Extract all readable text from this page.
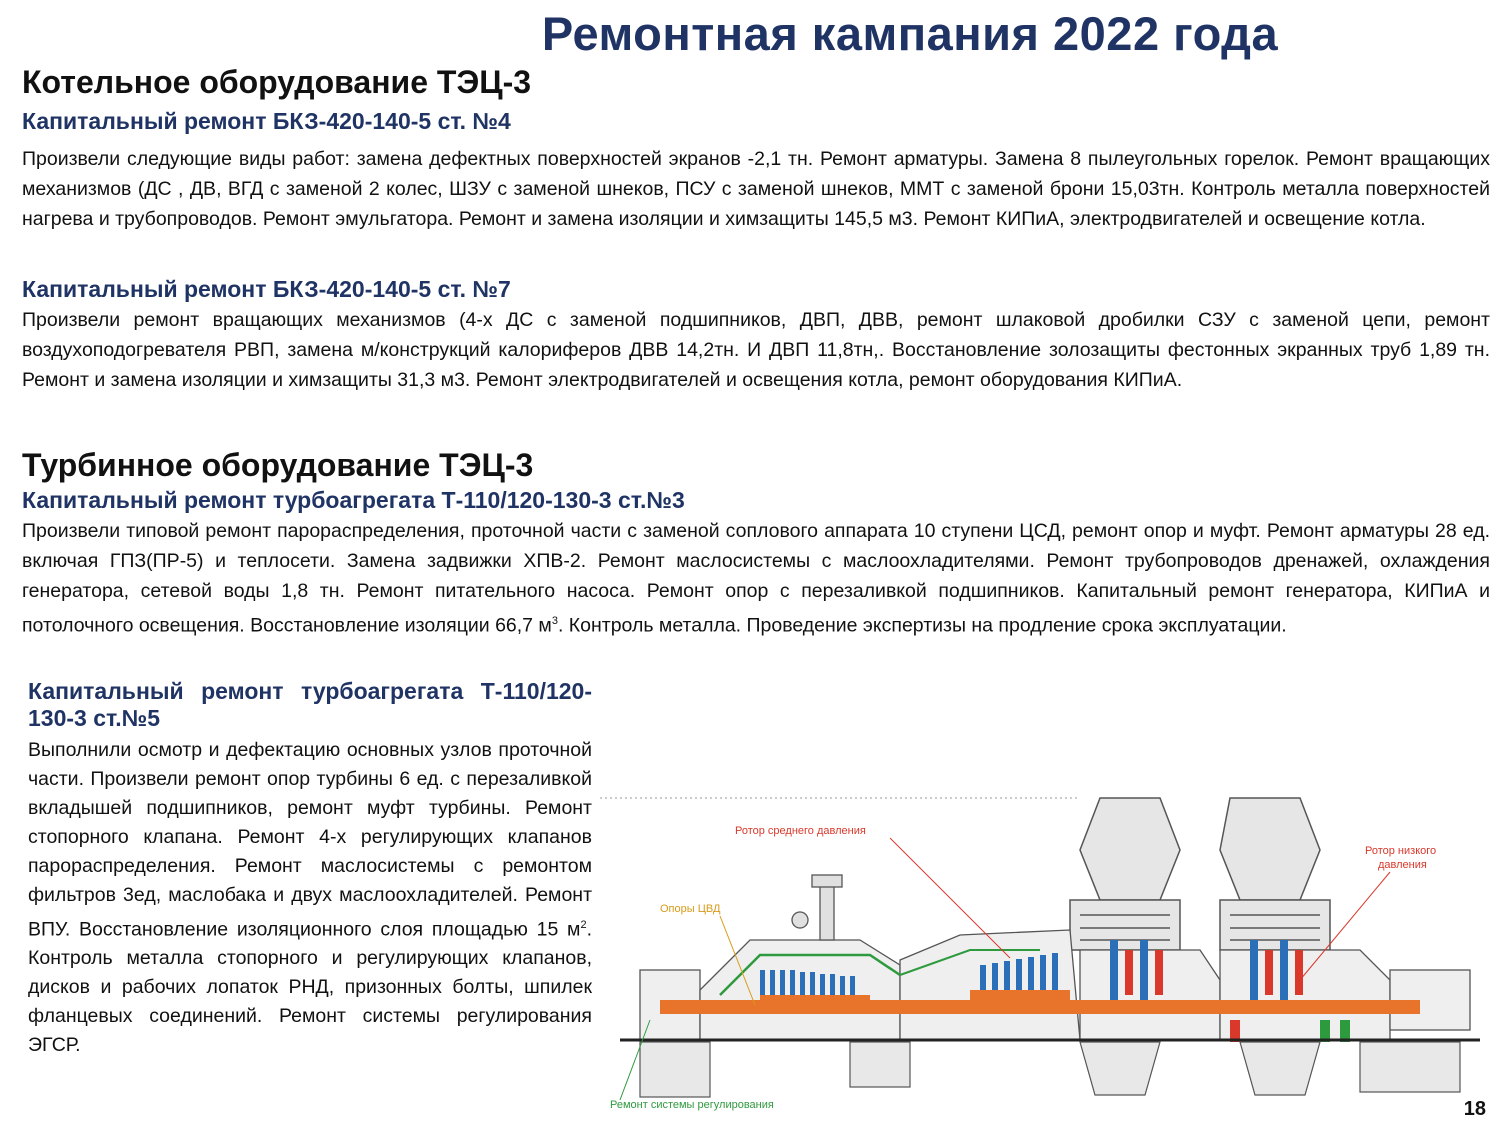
Ремонтная кампания 2022 года
Котельное оборудование ТЭЦ-3
Капитальный ремонт БКЗ-420-140-5 ст. №4
Произвели следующие виды работ: замена дефектных поверхностей экранов -2,1 тн. Ремонт арматуры. Замена 8 пылеугольных горелок. Ремонт вращающих механизмов (ДС , ДВ, ВГД с заменой 2 колес, ШЗУ с заменой шнеков, ПСУ с заменой шнеков, ММТ с заменой брони 15,03тн. Контроль металла поверхностей нагрева и трубопроводов. Ремонт эмульгатора. Ремонт и замена изоляции и химзащиты 145,5 м3. Ремонт КИПиА, электродвигателей и освещение котла.
Капитальный ремонт БКЗ-420-140-5 ст. №7
Произвели ремонт вращающих механизмов (4-х ДС с заменой подшипников, ДВП, ДВВ, ремонт шлаковой дробилки СЗУ с заменой цепи, ремонт воздухоподогревателя РВП, замена м/конструкций калориферов ДВВ 14,2тн. И ДВП 11,8тн,. Восстановление золозащиты фестонных экранных труб 1,89 тн. Ремонт и замена изоляции и химзащиты 31,3 м3. Ремонт электродвигателей и освещения котла, ремонт оборудования КИПиА.
Турбинное оборудование ТЭЦ-3
Капитальный ремонт турбоагрегата Т-110/120-130-3 ст.№3
Произвели типовой ремонт парораспределения, проточной части с заменой соплового аппарата 10 ступени ЦСД, ремонт опор и муфт. Ремонт арматуры 28 ед. включая ГПЗ(ПР-5) и теплосети. Замена задвижки ХПВ-2. Ремонт маслосистемы с маслоохладителями. Ремонт трубопроводов дренажей, охлаждения генератора, сетевой воды 1,8 тн. Ремонт питательного насоса. Ремонт опор с перезаливкой подшипников. Капитальный ремонт генератора, КИПиА и потолочного освещения. Восстановление изоляции 66,7 $м^3$. Контроль металла. Проведение экспертизы на продление срока эксплуатации.
Капитальный ремонт турбоагрегата Т-110/120-130-3 ст.№5
Выполнили осмотр и дефектацию основных узлов проточной части. Произвели ремонт опор турбины 6 ед. с перезаливкой вкладышей подшипников, ремонт муфт турбины. Ремонт стопорного клапана. Ремонт 4-х регулирующих клапанов парораспределения. Ремонт маслосистемы с ремонтом фильтров 3ед, маслобака и двух маслоохладителей. Ремонт ВПУ. Восстановление изоляционного слоя площадью 15 $м^2$. Контроль металла стопорного и регулирующих клапанов, дисков и рабочих лопаток РНД, призонных болты, шпилек фланцевых соединений. Ремонт системы регулирования ЭГСР.
Ротор среднего давления
Ротор низкого
давления
Опоры ЦВД
Ремонт системы регулирования	18
